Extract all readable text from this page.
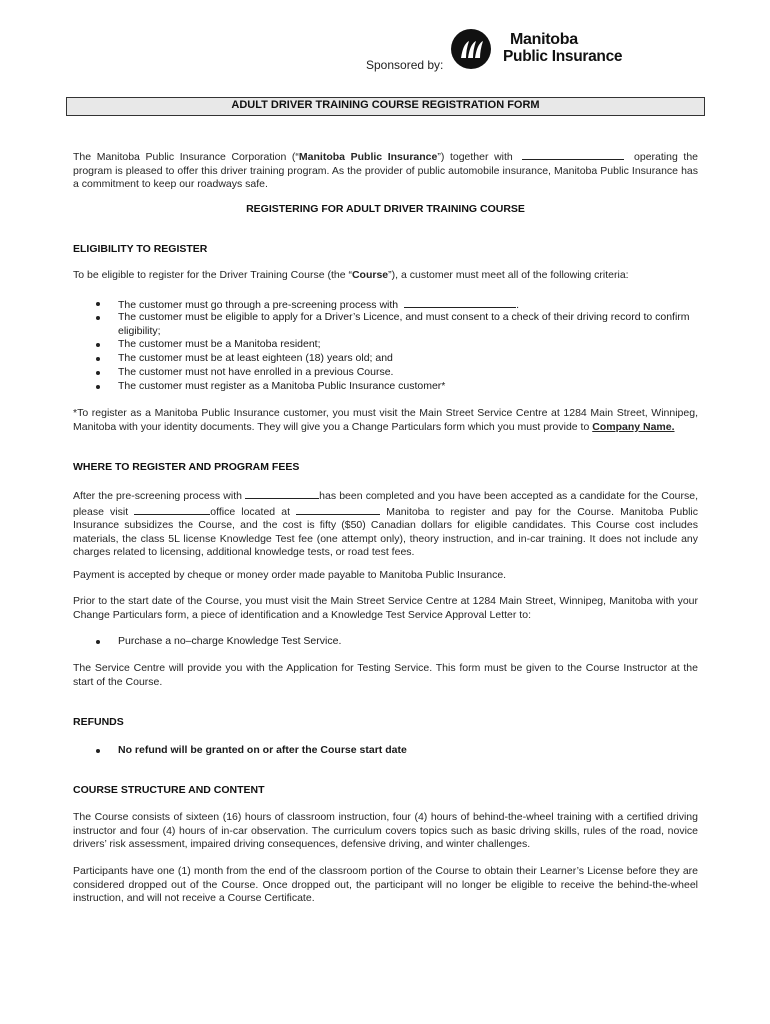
Sponsored by:
Manitoba
Public Insurance
ADULT DRIVER TRAINING COURSE REGISTRATION FORM
The Manitoba Public Insurance Corporation (“Manitoba Public Insurance”) together with	operating the program is pleased to offer this driver training program. As the provider of public automobile insurance, Manitoba Public Insurance has a commitment to keep our roadways safe.
REGISTERING FOR ADULT DRIVER TRAINING COURSE
ELIGIBILITY TO REGISTER
To be eligible to register for the Driver Training Course (the “Course”), a customer must meet all of the following criteria:
The customer must go through a pre-screening process with	.
The customer must be eligible to apply for a Driver’s Licence, and must consent to a check of their driving record to confirm eligibility;
The customer must be a Manitoba resident;
The customer must be at least eighteen (18) years old; and
The customer must not have enrolled in a previous Course.
The customer must register as a Manitoba Public Insurance customer*
*To register as a Manitoba Public Insurance customer, you must visit the Main Street Service Centre at 1284 Main Street, Winnipeg, Manitoba with your identity documents. They will give you a Change Particulars form which you must provide to Company Name.
WHERE TO REGISTER AND PROGRAM FEES
After the pre-screening process with	has been completed and you have been accepted as a candidate for the Course, please visit	office located at	Manitoba to register and pay for the Course. Manitoba Public Insurance subsidizes the Course, and the cost is fifty ($50) Canadian dollars for eligible candidates. This Course cost includes materials, the class 5L license Knowledge Test fee (one attempt only), theory instruction, and in-car training. It does not include any charges related to licensing, additional knowledge tests, or road test fees.
Payment is accepted by cheque or money order made payable to Manitoba Public Insurance.
Prior to the start date of the Course, you must visit the Main Street Service Centre at 1284 Main Street, Winnipeg, Manitoba with your Change Particulars form, a piece of identification and a Knowledge Test Service Approval Letter to:
Purchase a no–charge Knowledge Test Service.
The Service Centre will provide you with the Application for Testing Service. This form must be given to the Course Instructor at the start of the Course.
REFUNDS
No refund will be granted on or after the Course start date
COURSE STRUCTURE AND CONTENT
The Course consists of sixteen (16) hours of classroom instruction, four (4) hours of behind-the-wheel training with a certified driving instructor and four (4) hours of in-car observation. The curriculum covers topics such as basic driving skills, rules of the road, novice drivers’ risk assessment, impaired driving consequences, defensive driving, and winter challenges.
Participants have one (1) month from the end of the classroom portion of the Course to obtain their Learner’s License before they are considered dropped out of the Course. Once dropped out, the participant will no longer be eligible to receive the behind-the-wheel instruction, and will not receive a Course Certificate.
